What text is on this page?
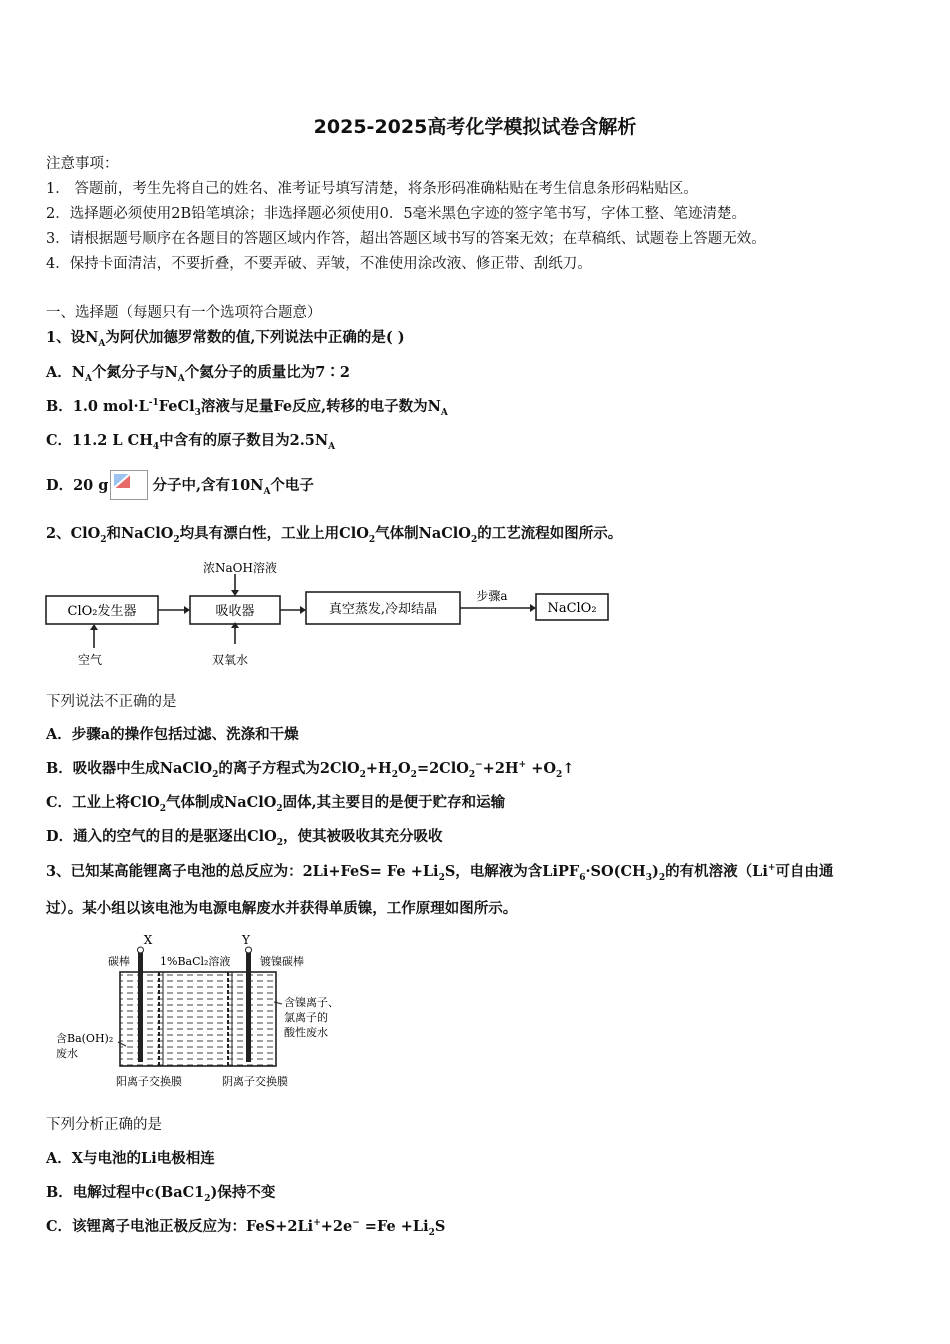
2025-2025高考化学模拟试卷含解析
注意事项：
1． 答题前，考生先将自己的姓名、准考证号填写清楚，将条形码准确粘贴在考生信息条形码粘贴区。
2．选择题必须使用2B铅笔填涂；非选择题必须使用0．5毫米黑色字迹的签字笔书写，字体工整、笔迹清楚。
3．请根据题号顺序在各题目的答题区域内作答，超出答题区域书写的答案无效；在草稿纸、试题卷上答题无效。
4．保持卡面清洁，不要折叠，不要弄破、弄皱，不准使用涂改液、修正带、刮纸刀。
一、选择题（每题只有一个选项符合题意）
1、设$N_A$为阿伏加德罗常数的值,下列说法中正确的是( )
A．$N_A$个氮分子与$N_A$个氦分子的质量比为7∶2
B．1.0 $mol\cdot L^{-1}FeCl_3$溶液与足量Fe反应,转移的电子数为$N_A$
C．11.2 L $CH_4$中含有的原子数目为$2.5N_A$
D．20 g	分子中,含有$10N_A$个电子
2、ClO$_2$和NaClO$_2$均具有漂白性，工业上用ClO$_2$气体制NaClO$_2$的工艺流程如图所示。
ClO₂发生器	吸收器	真空蒸发,冷却结晶	NaClO₂
浓NaOH溶液
步骤a
空气	双氧水
下列说法不正确的是
A．步骤a的操作包括过滤、洗涤和干燥
B．吸收器中生成NaClO$_2$的离子方程式为$2ClO_2+H_2O_2=2ClO_2^-+2H^+$ $+O_2↑$
C．工业上将ClO$_2$气体制成NaClO$_2$固体,其主要目的是便于贮存和运输
D．通入的空气的目的是驱逐出ClO$_2$，使其被吸收其充分吸收
3、已知某高能锂离子电池的总反应为：$2Li+FeS= Fe +Li_2S$，电解液为含$LiPF_6\cdot SO(CH_3)_2$的有机溶液（Li+可自由通
过）。某小组以该电池为电源电解废水并获得单质镍，工作原理如图所示。
X	Y
碳棒	1%BaCl₂溶液	镀镍碳棒
含镍离子、
氯离子的
酸性废水
含Ba(OH)₂
废水
阳离子交换膜	阴离子交换膜
下列分析正确的是
A．X与电池的Li电极相连
B．电解过程中$c(BaC1_2)$保持不变
C．该锂离子电池正极反应为：$FeS+2Li^++2e^- =Fe +Li_2S$
